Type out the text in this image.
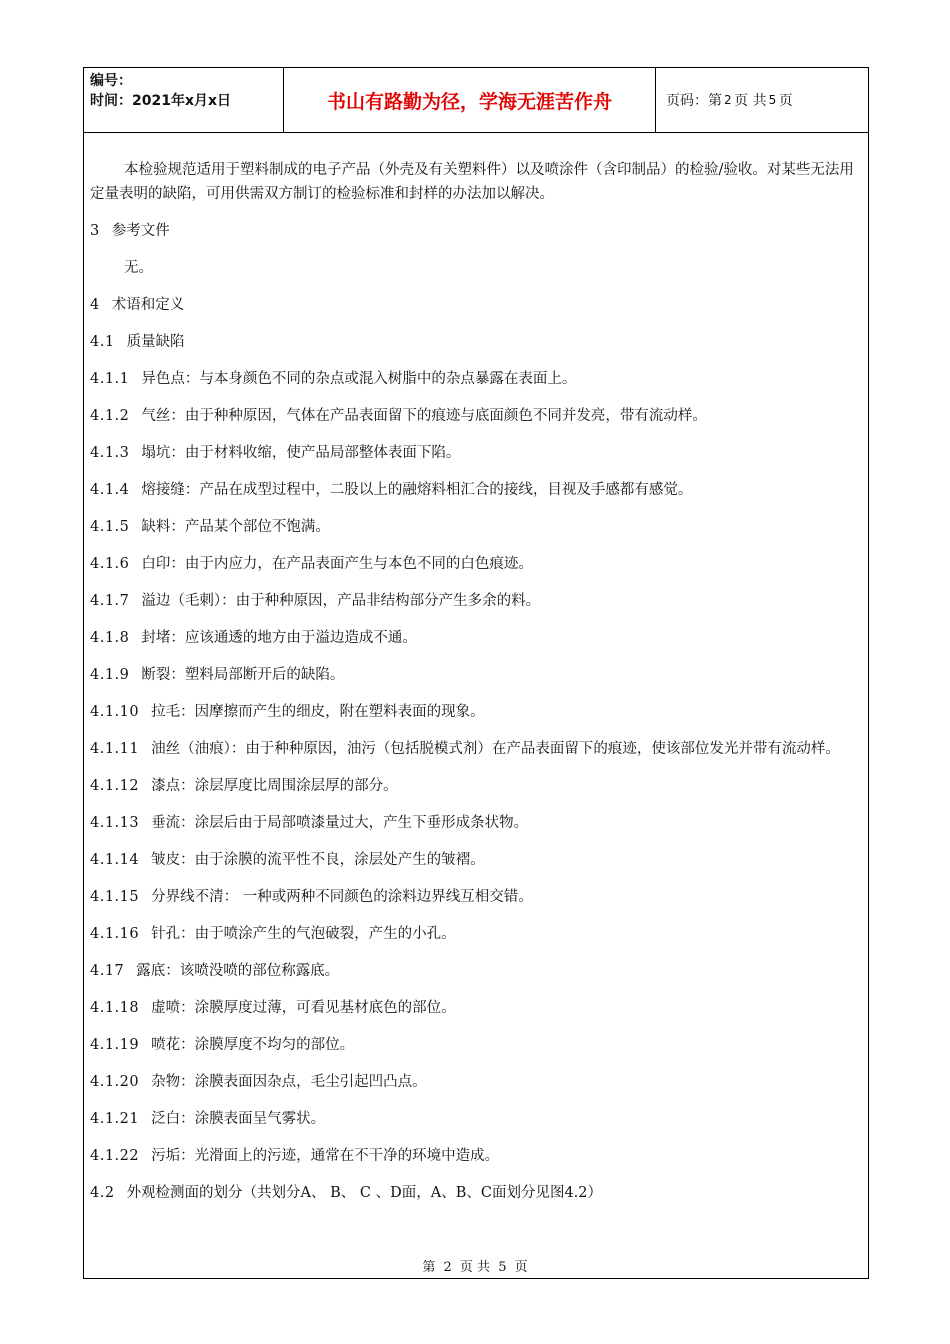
编号：
时间：2021年x月x日	书山有路勤为径，学海无涯苦作舟	页码：第 2 页 共 5 页

本检验规范适用于塑料制成的电子产品（外壳及有关塑料件）以及喷涂件（含印制品）的检验/验收。对某些无法用定量表明的缺陷，可用供需双方制订的检验标准和封样的办法加以解决。

3 参考文件

无。

4 术语和定义

4.1 质量缺陷

4.1.1 异色点：与本身颜色不同的杂点或混入树脂中的杂点暴露在表面上。

4.1.2 气丝：由于种种原因，气体在产品表面留下的痕迹与底面颜色不同并发亮，带有流动样。

4.1.3 塌坑：由于材料收缩，使产品局部整体表面下陷。

4.1.4 熔接缝：产品在成型过程中，二股以上的融熔料相汇合的接线，目视及手感都有感觉。

4.1.5 缺料：产品某个部位不饱满。

4.1.6 白印：由于内应力，在产品表面产生与本色不同的白色痕迹。

4.1.7 溢边（毛刺）：由于种种原因，产品非结构部分产生多余的料。

4.1.8 封堵：应该通透的地方由于溢边造成不通。

4.1.9 断裂：塑料局部断开后的缺陷。

4.1.10 拉毛：因摩擦而产生的细皮，附在塑料表面的现象。

4.1.11 油丝（油痕）：由于种种原因，油污（包括脱模式剂）在产品表面留下的痕迹，使该部位发光并带有流动样。

4.1.12 漆点：涂层厚度比周围涂层厚的部分。

4.1.13 垂流：涂层后由于局部喷漆量过大，产生下垂形成条状物。

4.1.14 皱皮：由于涂膜的流平性不良，涂层处产生的皱褶。

4.1.15 分界线不清： 一种或两种不同颜色的涂料边界线互相交错。

4.1.16 针孔：由于喷涂产生的气泡破裂，产生的小孔。

4.17 露底：该喷没喷的部位称露底。

4.1.18 虚喷：涂膜厚度过薄，可看见基材底色的部位。

4.1.19 喷花：涂膜厚度不均匀的部位。

4.1.20 杂物：涂膜表面因杂点，毛尘引起凹凸点。

4.1.21 泛白：涂膜表面呈气雾状。

4.1.22 污垢：光滑面上的污迹，通常在不干净的环境中造成。

4.2 外观检测面的划分（共划分A、 B、 C 、D面，A、B、C面划分见图4.2）

第 2 页 共 5 页
